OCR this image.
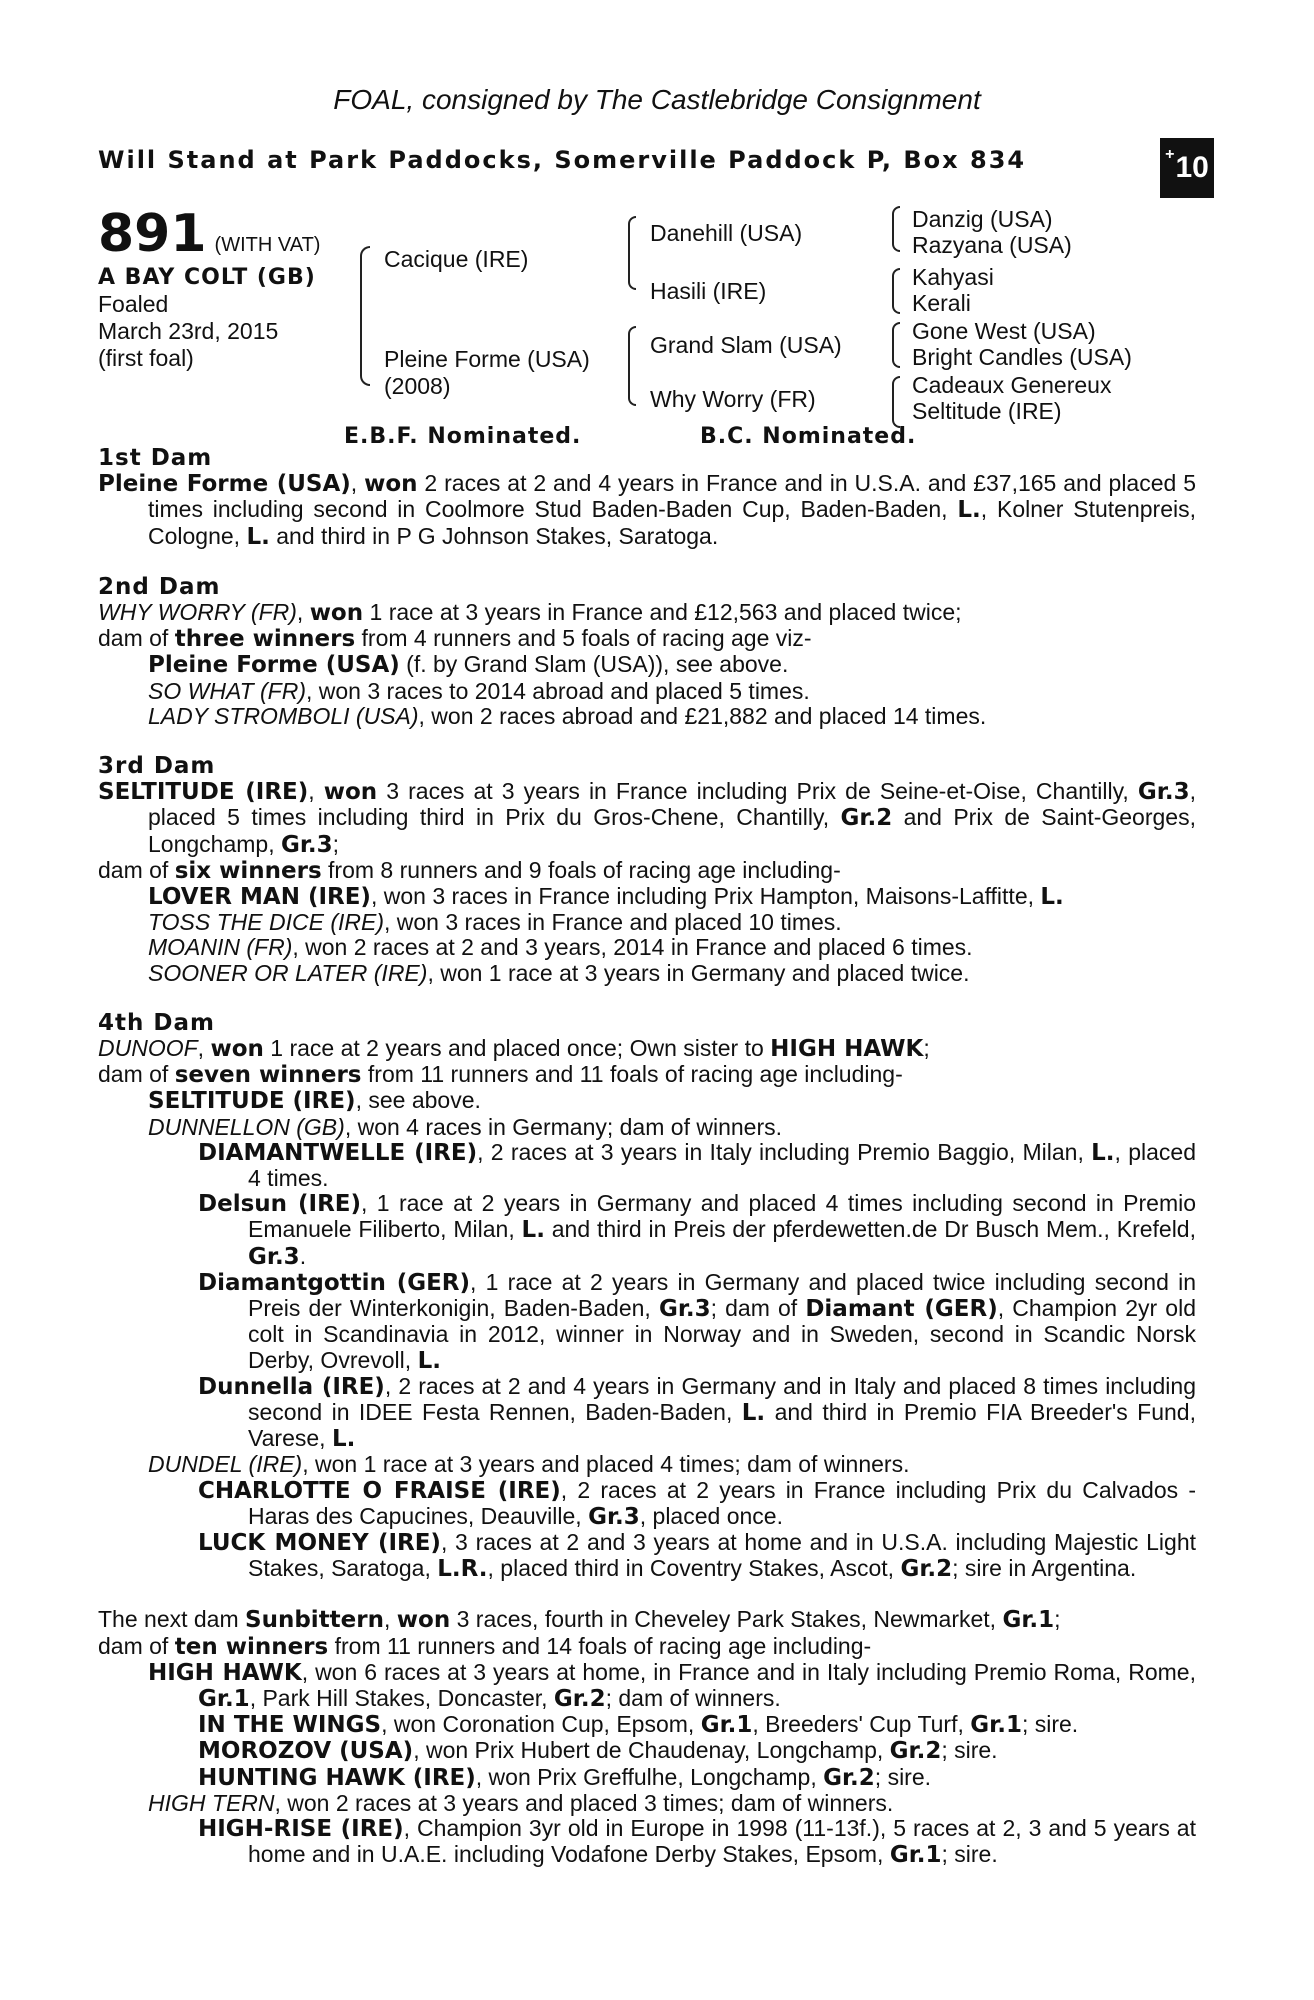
FOAL, consigned by The Castlebridge Consignment
Will Stand at Park Paddocks, Somerville Paddock P, Box 834	+ 10
891 (WITH VAT)
A BAY COLT (GB)
Foaled
March 23rd, 2015
(first foal)
Cacique (IRE)
Pleine Forme (USA)
(2008)
Danehill (USA)
Hasili (IRE)
Grand Slam (USA)
Why Worry (FR)
Danzig (USA)
Razyana (USA)
Kahyasi
Kerali
Gone West (USA)
Bright Candles (USA)
Cadeaux Genereux
Seltitude (IRE)
E.B.F. Nominated.	B.C. Nominated.
1st Dam
Pleine Forme (USA), won 2 races at 2 and 4 years in France and in U.S.A. and £37,165 and placed 5 times including second in Coolmore Stud Baden-Baden Cup, Baden-Baden, L., Kolner Stutenpreis, Cologne, L. and third in P G Johnson Stakes, Saratoga.
2nd Dam
WHY WORRY (FR), won 1 race at 3 years in France and £12,563 and placed twice;
dam of three winners from 4 runners and 5 foals of racing age viz-
Pleine Forme (USA) (f. by Grand Slam (USA)), see above.
SO WHAT (FR), won 3 races to 2014 abroad and placed 5 times.
LADY STROMBOLI (USA), won 2 races abroad and £21,882 and placed 14 times.
3rd Dam
SELTITUDE (IRE), won 3 races at 3 years in France including Prix de Seine-et-Oise, Chantilly, Gr.3, placed 5 times including third in Prix du Gros-Chene, Chantilly, Gr.2 and Prix de Saint-Georges, Longchamp, Gr.3;
dam of six winners from 8 runners and 9 foals of racing age including-
LOVER MAN (IRE), won 3 races in France including Prix Hampton, Maisons-Laffitte, L.
TOSS THE DICE (IRE), won 3 races in France and placed 10 times.
MOANIN (FR), won 2 races at 2 and 3 years, 2014 in France and placed 6 times.
SOONER OR LATER (IRE), won 1 race at 3 years in Germany and placed twice.
4th Dam
DUNOOF, won 1 race at 2 years and placed once; Own sister to HIGH HAWK;
dam of seven winners from 11 runners and 11 foals of racing age including-
SELTITUDE (IRE), see above.
DUNNELLON (GB), won 4 races in Germany; dam of winners.
DIAMANTWELLE (IRE), 2 races at 3 years in Italy including Premio Baggio, Milan, L., placed 4 times.
Delsun (IRE), 1 race at 2 years in Germany and placed 4 times including second in Premio Emanuele Filiberto, Milan, L. and third in Preis der pferdewetten.de Dr Busch Mem., Krefeld, Gr.3.
Diamantgottin (GER), 1 race at 2 years in Germany and placed twice including second in Preis der Winterkonigin, Baden-Baden, Gr.3; dam of Diamant (GER), Champion 2yr old colt in Scandinavia in 2012, winner in Norway and in Sweden, second in Scandic Norsk Derby, Ovrevoll, L.
Dunnella (IRE), 2 races at 2 and 4 years in Germany and in Italy and placed 8 times including second in IDEE Festa Rennen, Baden-Baden, L. and third in Premio FIA Breeder's Fund, Varese, L.
DUNDEL (IRE), won 1 race at 3 years and placed 4 times; dam of winners.
CHARLOTTE O FRAISE (IRE), 2 races at 2 years in France including Prix du Calvados - Haras des Capucines, Deauville, Gr.3, placed once.
LUCK MONEY (IRE), 3 races at 2 and 3 years at home and in U.S.A. including Majestic Light Stakes, Saratoga, L.R., placed third in Coventry Stakes, Ascot, Gr.2; sire in Argentina.
The next dam Sunbittern, won 3 races, fourth in Cheveley Park Stakes, Newmarket, Gr.1;
dam of ten winners from 11 runners and 14 foals of racing age including-
HIGH HAWK, won 6 races at 3 years at home, in France and in Italy including Premio Roma, Rome, Gr.1, Park Hill Stakes, Doncaster, Gr.2; dam of winners.
IN THE WINGS, won Coronation Cup, Epsom, Gr.1, Breeders' Cup Turf, Gr.1; sire.
MOROZOV (USA), won Prix Hubert de Chaudenay, Longchamp, Gr.2; sire.
HUNTING HAWK (IRE), won Prix Greffulhe, Longchamp, Gr.2; sire.
HIGH TERN, won 2 races at 3 years and placed 3 times; dam of winners.
HIGH-RISE (IRE), Champion 3yr old in Europe in 1998 (11-13f.), 5 races at 2, 3 and 5 years at home and in U.A.E. including Vodafone Derby Stakes, Epsom, Gr.1; sire.
